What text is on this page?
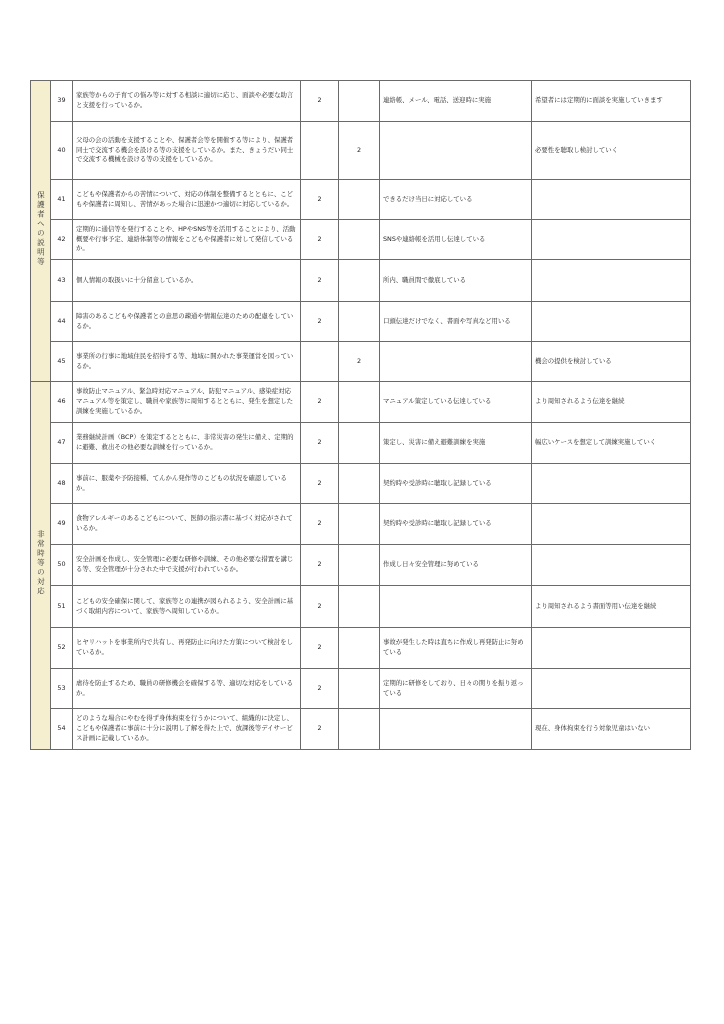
保護者への説明等	39	家族等からの子育ての悩み等に対する相談に適切に応じ、面談や必要な助言と支援を行っているか。	2		連絡帳、メール、電話、送迎時に実施	希望者には定期的に面談を実施していきます
	40	父母の会の活動を支援することや、保護者会等を開催する等により、保護者同士で交流する機会を設ける等の支援をしているか。また、きょうだい同士で交流する機械を設ける等の支援をしているか。		2		必要性を聴取し検討していく
	41	こどもや保護者からの苦情について、対応の体制を整備するとともに、こどもや保護者に周知し、苦情があった場合に迅速かつ適切に対応しているか。	2		できるだけ当日に対応している	
	42	定期的に通信等を発行することや、HPやSNS等を活用することにより、活動概要や行事予定、連絡体制等の情報をこどもや保護者に対して発信しているか。	2		SNSや連絡帳を活用し伝達している	
	43	個人情報の取扱いに十分留意しているか。	2		所内、職員間で徹底している	
	44	障害のあるこどもや保護者との意思の疎通や情報伝達のための配慮をしているか。	2		口頭伝達だけでなく、書面や写真など用いる	
	45	事業所の行事に地域住民を招待する等、地域に開かれた事業運営を図っているか。		2		機会の提供を検討している
非常時等の対応	46	事故防止マニュアル、緊急時対応マニュアル、防犯マニュアル、感染症対応マニュアル等を策定し、職員や家族等に周知するとともに、発生を想定した訓練を実施しているか。	2		マニュアル策定している伝達している	より周知されるよう伝達を継続
	47	業務継続計画（BCP）を策定するとともに、非常災害の発生に備え、定期的に避難、救出その他必要な訓練を行っているか。	2		策定し、災害に備え避難訓練を実施	幅広いケースを想定して訓練実施していく
	48	事前に、服薬や予防接種、てんかん発作等のこどもの状況を確認しているか。	2		契約時や受診時に聴取し記録している	
	49	食物アレルギーのあるこどもについて、医師の指示書に基づく対応がされているか。	2		契約時や受診時に聴取し記録している	
	50	安全計画を作成し、安全管理に必要な研修や訓練、その他必要な措置を講じる等、安全管理が十分された中で支援が行われているか。	2		作成し日々安全管理に努めている	
	51	こどもの安全確保に関して、家族等との連携が図られるよう、安全計画に基づく取組内容について、家族等へ周知しているか。	2			より周知されるよう書面等用い伝達を継続
	52	ヒヤリハットを事業所内で共有し、再発防止に向けた方策について検討をしているか。	2		事故が発生した時は直ちに作成し再発防止に努めている	
	53	虐待を防止するため、職員の研修機会を確保する等、適切な対応をしているか。	2		定期的に研修をしており、日々の関りを振り返っている	
	54	どのような場合にやむを得ず身体拘束を行うかについて、組織的に決定し、こどもや保護者に事前に十分に説明し了解を得た上で、放課後等デイサービス計画に記載しているか。	2			現在、身体拘束を行う対象児童はいない
